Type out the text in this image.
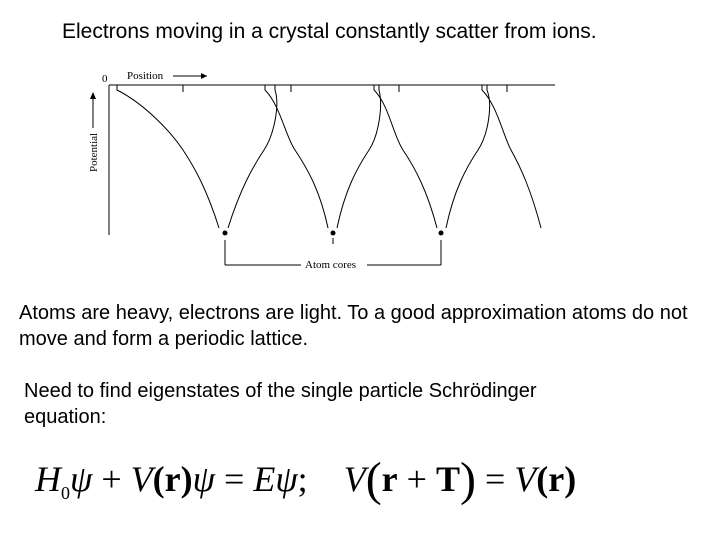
Electrons moving in a crystal constantly scatter from ions.
0 Position
Potential
Atom cores
Atoms are heavy, electrons are light. To a good approximation atoms do not move and form a periodic lattice.
Need to find eigenstates of the single particle Schrödinger equation:
$H_0\psi + V(r)\psi = E\psi$;    V(r + T) = V(r)
